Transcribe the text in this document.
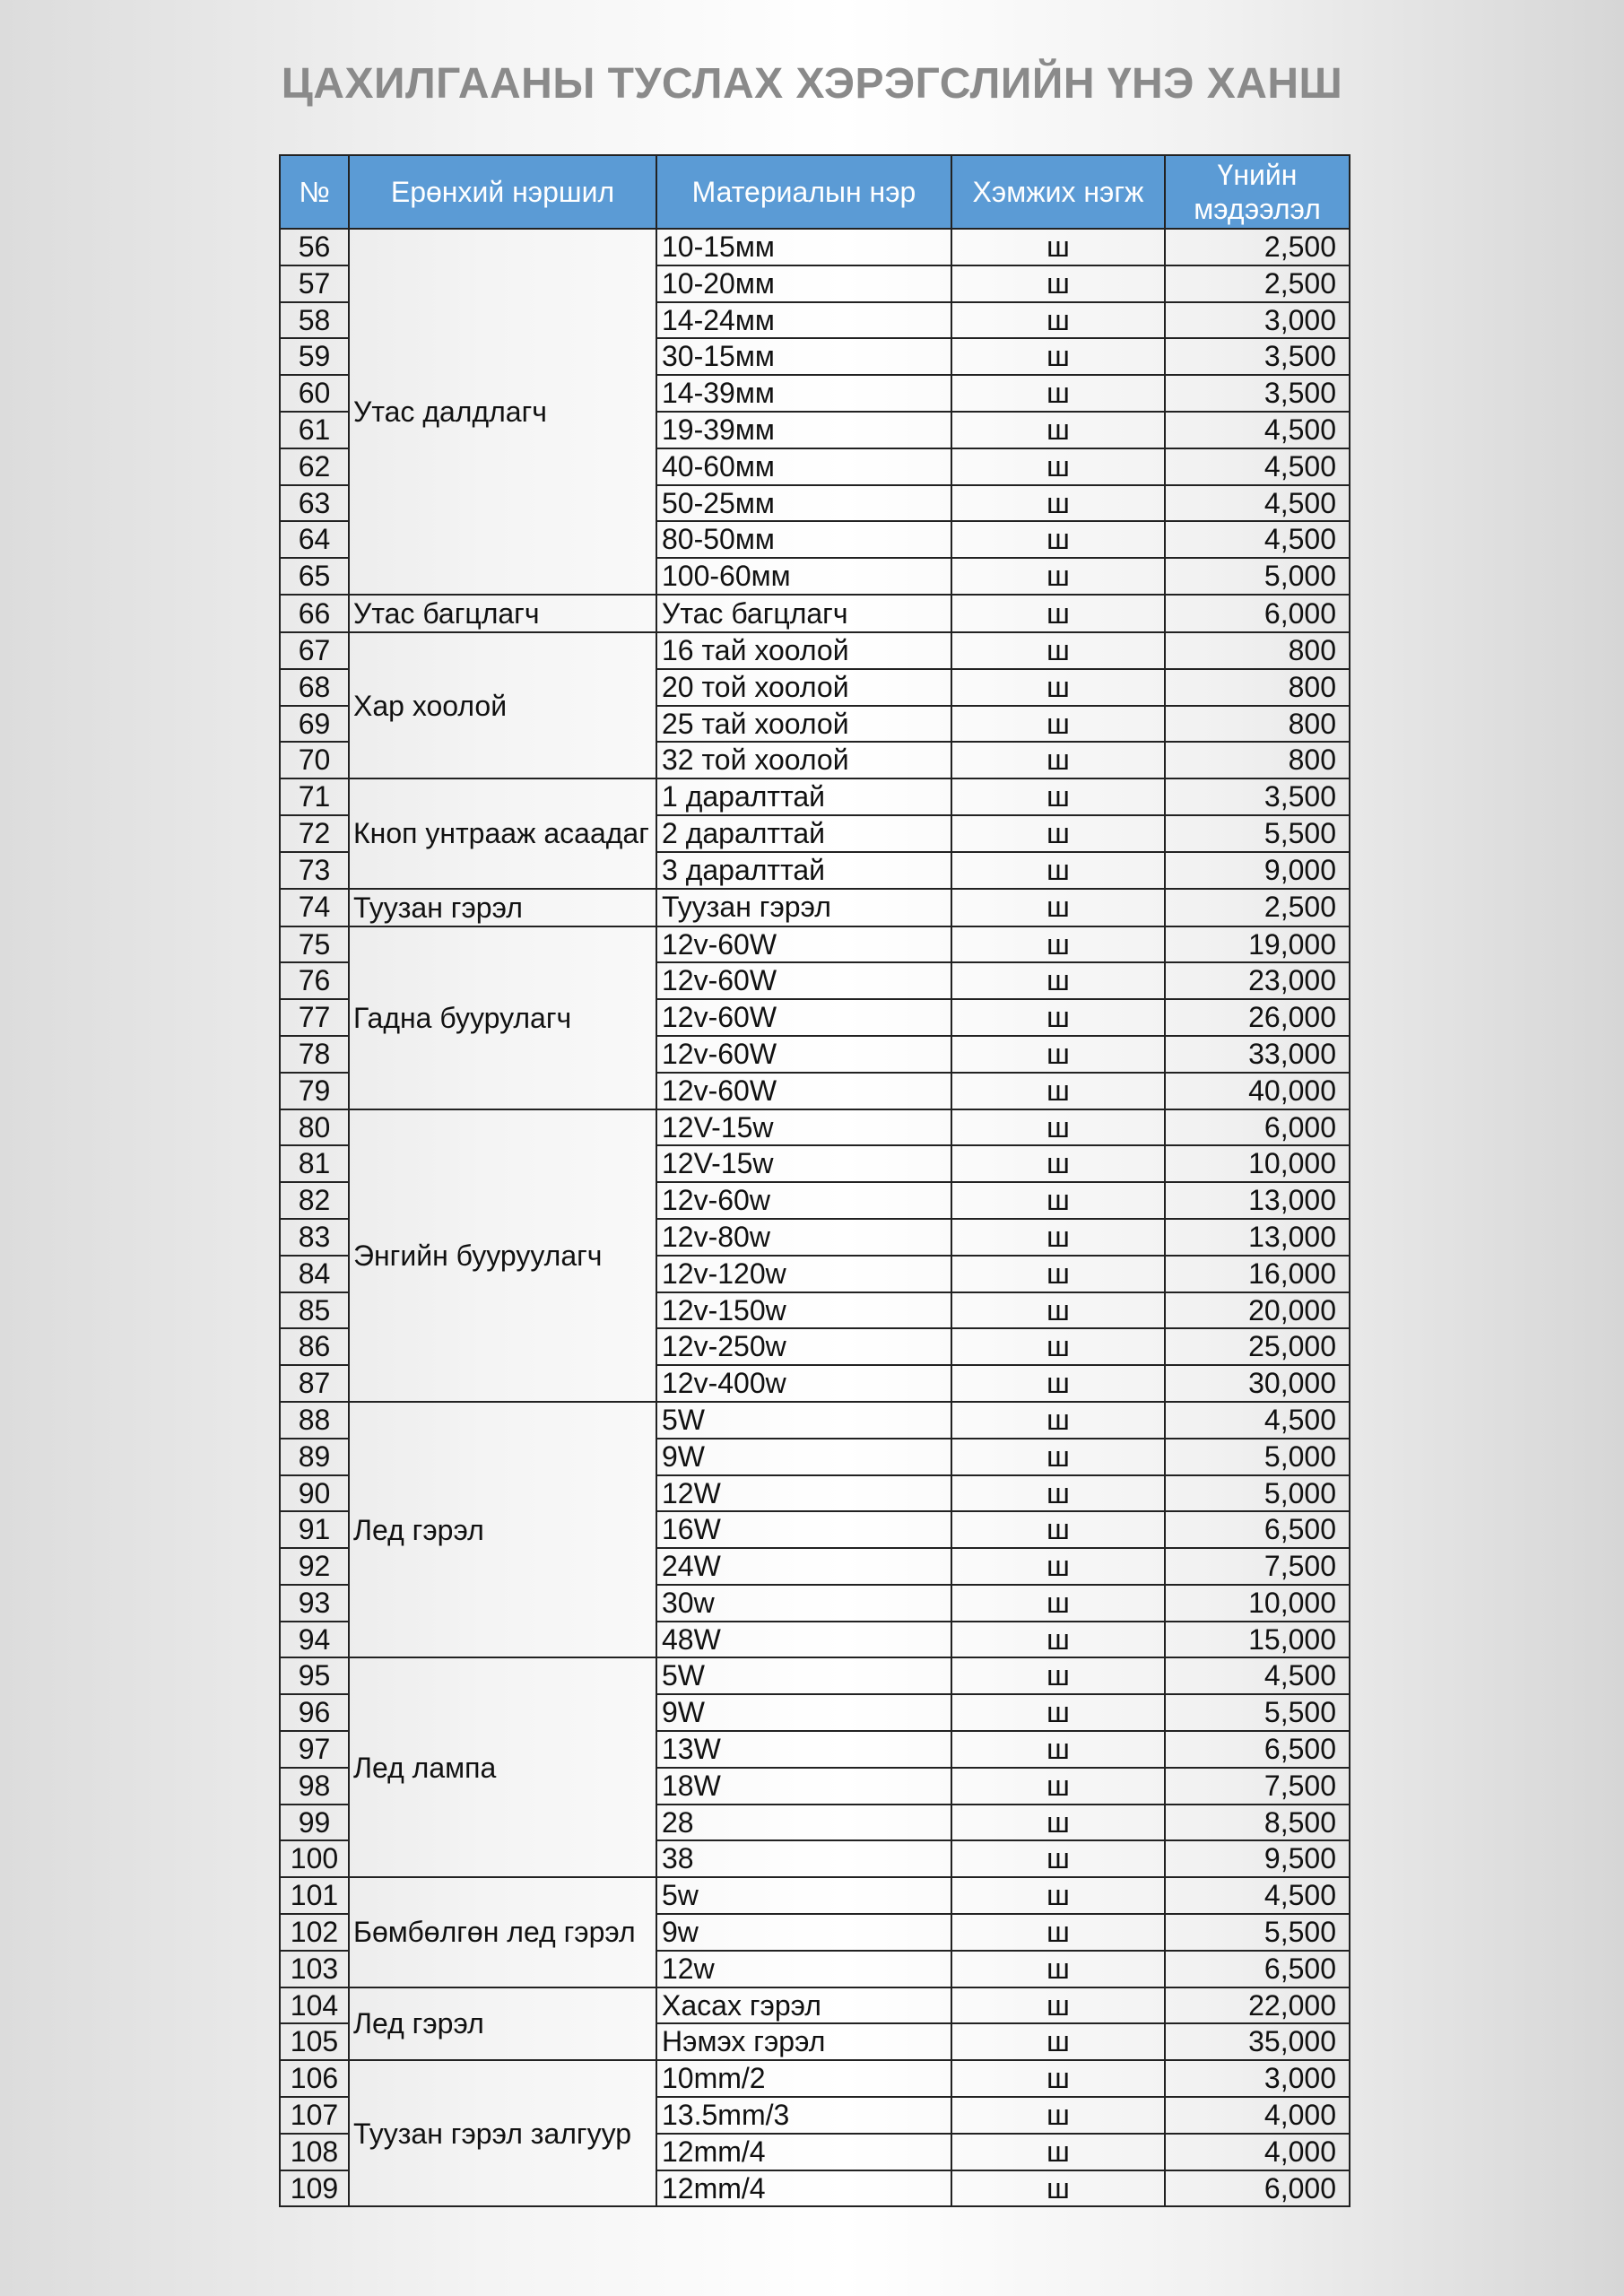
ЦАХИЛГААНЫ ТУСЛАХ ХЭРЭГСЛИЙН ҮНЭ ХАНШ
№	Ерөнхий нэршил	Материалын нэр	Хэмжих нэгж	Үнийн мэдээлэл
56	Утас далдлагч	10-15мм	ш	2,500
57		10-20мм	ш	2,500
58		14-24мм	ш	3,000
59		30-15мм	ш	3,500
60		14-39мм	ш	3,500
61		19-39мм	ш	4,500
62		40-60мм	ш	4,500
63		50-25мм	ш	4,500
64		80-50мм	ш	4,500
65		100-60мм	ш	5,000
66	Утас багцлагч	Утас багцлагч	ш	6,000
67	Хар хоолой	16 тай хоолой	ш	800
68		20 той хоолой	ш	800
69		25 тай хоолой	ш	800
70		32 той хоолой	ш	800
71	Кноп унтрааж асаадаг	1 даралттай	ш	3,500
72		2 даралттай	ш	5,500
73		3 даралттай	ш	9,000
74	Туузан гэрэл	Туузан гэрэл	ш	2,500
75	Гадна буурулагч	12v-60W	ш	19,000
76		12v-60W	ш	23,000
77		12v-60W	ш	26,000
78		12v-60W	ш	33,000
79		12v-60W	ш	40,000
80	Энгийн бууруулагч	12V-15w	ш	6,000
81		12V-15w	ш	10,000
82		12v-60w	ш	13,000
83		12v-80w	ш	13,000
84		12v-120w	ш	16,000
85		12v-150w	ш	20,000
86		12v-250w	ш	25,000
87		12v-400w	ш	30,000
88	Лед гэрэл	5W	ш	4,500
89		9W	ш	5,000
90		12W	ш	5,000
91		16W	ш	6,500
92		24W	ш	7,500
93		30w	ш	10,000
94		48W	ш	15,000
95	Лед лампа	5W	ш	4,500
96		9W	ш	5,500
97		13W	ш	6,500
98		18W	ш	7,500
99		28	ш	8,500
100		38	ш	9,500
101	Бөмбөлгөн лед гэрэл	5w	ш	4,500
102		9w	ш	5,500
103		12w	ш	6,500
104	Лед гэрэл	Хасах гэрэл	ш	22,000
105		Нэмэх гэрэл	ш	35,000
106	Туузан гэрэл залгуур	10mm/2	ш	3,000
107		13.5mm/3	ш	4,000
108		12mm/4	ш	4,000
109		12mm/4	ш	6,000
